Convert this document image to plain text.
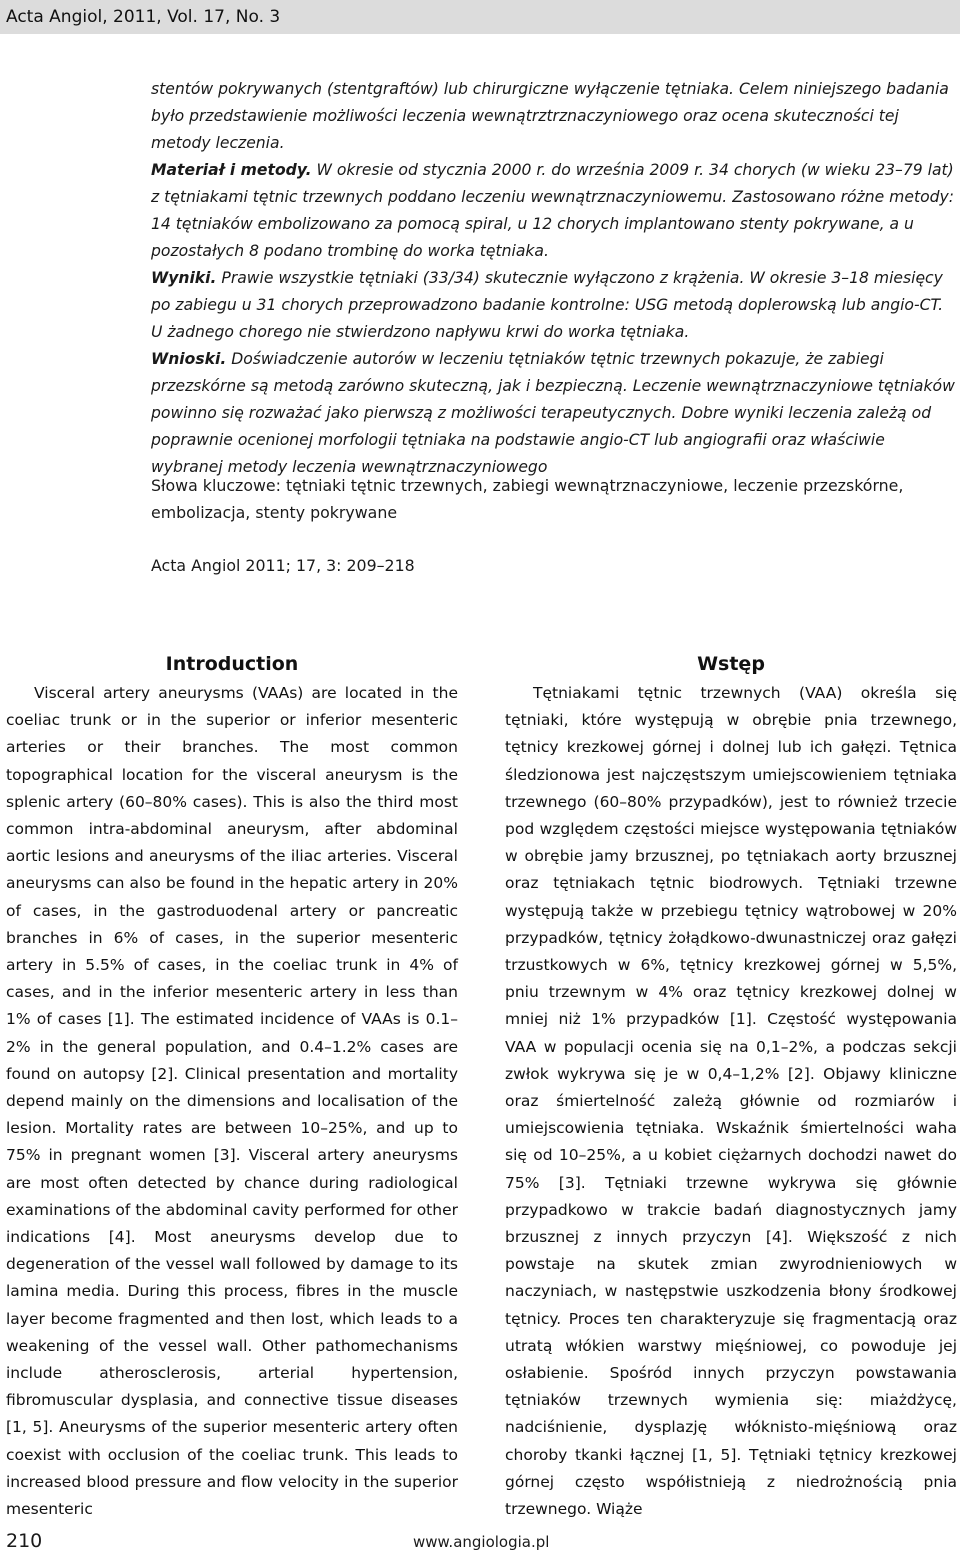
Acta Angiol, 2011, Vol. 17, No. 3

stentów pokrywanych (stentgraftów) lub chirurgiczne wyłączenie tętniaka. Celem niniejszego badania było przedstawienie możliwości leczenia wewnątrztrznaczyniowego oraz ocena skuteczności tej metody leczenia.
Materiał i metody. W okresie od stycznia 2000 r. do września 2009 r. 34 chorych (w wieku 23–79 lat) z tętniakami tętnic trzewnych poddano leczeniu wewnątrznaczyniowemu. Zastosowano różne metody: 14 tętniaków embolizowano za pomocą spiral, u 12 chorych implantowano stenty pokrywane, a u pozostałych 8 podano trombinę do worka tętniaka.
Wyniki. Prawie wszystkie tętniaki (33/34) skutecznie wyłączono z krążenia. W okresie 3–18 miesięcy po zabiegu u 31 chorych przeprowadzono badanie kontrolne: USG metodą doplerowską lub angio-CT. U żadnego chorego nie stwierdzono napływu krwi do worka tętniaka.
Wnioski. Doświadczenie autorów w leczeniu tętniaków tętnic trzewnych pokazuje, że zabiegi przezskórne są metodą zarówno skuteczną, jak i bezpieczną. Leczenie wewnątrznaczyniowe tętniaków powinno się rozważać jako pierwszą z możliwości terapeutycznych. Dobre wyniki leczenia zależą od poprawnie ocenionej morfologii tętniaka na podstawie angio-CT lub angiografii oraz właściwie wybranej metody leczenia wewnątrznaczyniowego

Słowa kluczowe: tętniaki tętnic trzewnych, zabiegi wewnątrznaczyniowe, leczenie przezskórne, embolizacja, stenty pokrywane
Acta Angiol 2011; 17, 3: 209–218
Introduction

Visceral artery aneurysms (VAAs) are located in the coeliac trunk or in the superior or inferior mesenteric arteries or their branches. The most common topographical location for the visceral aneurysm is the splenic artery (60–80% cases). This is also the third most common intra-abdominal aneurysm, after abdominal aortic lesions and aneurysms of the iliac arteries. Visceral aneurysms can also be found in the hepatic artery in 20% of cases, in the gastroduodenal artery or pancreatic branches in 6% of cases, in the superior mesenteric artery in 5.5% of cases, in the coeliac trunk in 4% of cases, and in the inferior mesenteric artery in less than 1% of cases [1]. The estimated incidence of VAAs is 0.1–2% in the general population, and 0.4–1.2% cases are found on autopsy [2]. Clinical presentation and mortality depend mainly on the dimensions and localisation of the lesion. Mortality rates are between 10–25%, and up to 75% in pregnant women [3]. Visceral artery aneurysms are most often detected by chance during radiological examinations of the abdominal cavity performed for other indications [4]. Most aneurysms develop due to degeneration of the vessel wall followed by damage to its lamina media. During this process, fibres in the muscle layer become fragmented and then lost, which leads to a weakening of the vessel wall. Other pathomechanisms include atherosclerosis, arterial hypertension, fibromuscular dysplasia, and connective tissue diseases [1, 5]. Aneurysms of the superior mesenteric artery often coexist with occlusion of the coeliac trunk. This leads to increased blood pressure and flow velocity in the superior mesenteric

Wstęp

Tętniakami tętnic trzewnych (VAA) określa się tętniaki, które występują w obrębie pnia trzewnego, tętnicy krezkowej górnej i dolnej lub ich gałęzi. Tętnica śledzionowa jest najczęstszym umiejscowieniem tętniaka trzewnego (60–80% przypadków), jest to również trzecie pod względem częstości miejsce występowania tętniaków w obrębie jamy brzusznej, po tętniakach aorty brzusznej oraz tętniakach tętnic biodrowych. Tętniaki trzewne występują także w przebiegu tętnicy wątrobowej w 20% przypadków, tętnicy żołądkowo-dwunastniczej oraz gałęzi trzustkowych w 6%, tętnicy krezkowej górnej w 5,5%, pniu trzewnym w 4% oraz tętnicy krezkowej dolnej w mniej niż 1% przypadków [1]. Częstość występowania VAA w populacji ocenia się na 0,1–2%, a podczas sekcji zwłok wykrywa się je w 0,4–1,2% [2]. Objawy kliniczne oraz śmiertelność zależą głównie od rozmiarów i umiejscowienia tętniaka. Wskaźnik śmiertelności waha się od 10–25%, a u kobiet ciężarnych dochodzi nawet do 75% [3]. Tętniaki trzewne wykrywa się głównie przypadkowo w trakcie badań diagnostycznych jamy brzusznej z innych przyczyn [4]. Większość z nich powstaje na skutek zmian zwyrodnieniowych w naczyniach, w następstwie uszkodzenia błony środkowej tętnicy. Proces ten charakteryzuje się fragmentacją oraz utratą włókien warstwy mięśniowej, co powoduje jej osłabienie. Spośród innych przyczyn powstawania tętniaków trzewnych wymienia się: miażdżycę, nadciśnienie, dysplazję włóknisto-mięśniową oraz choroby tkanki łącznej [1, 5]. Tętniaki tętnicy krezkowej górnej często współistnieją z niedrożnością pnia trzewnego. Wiąże

210	www.angiologia.pl
